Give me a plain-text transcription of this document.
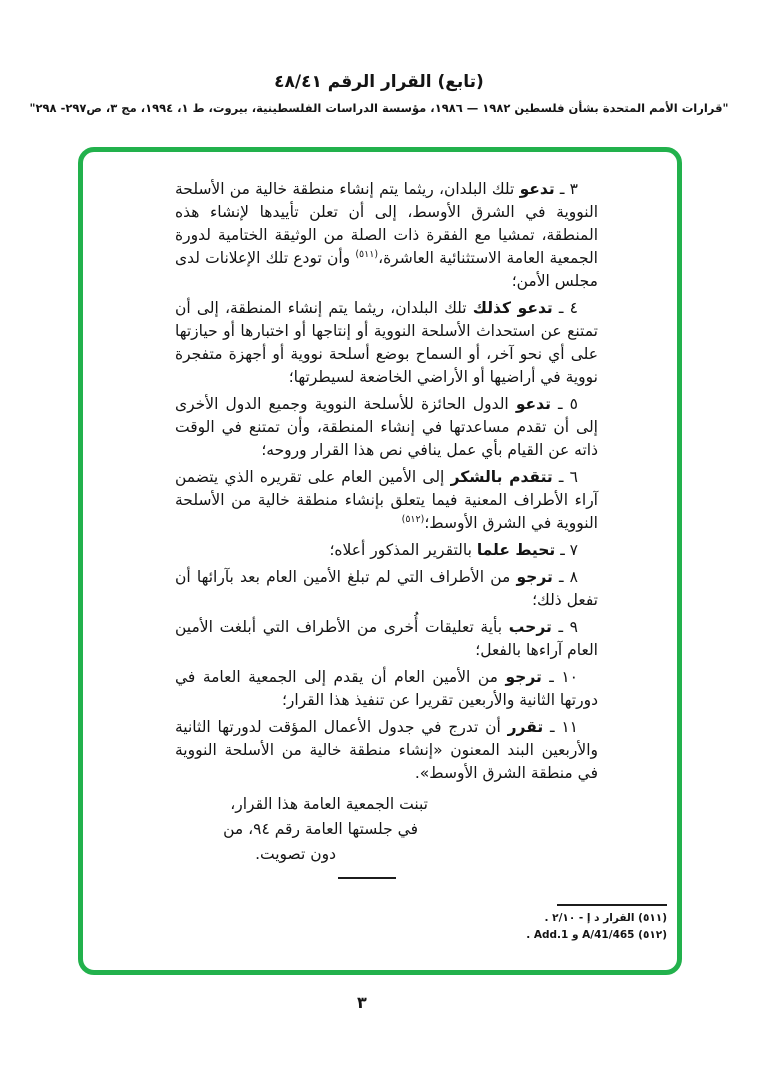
(تابع) القرار الرقم ٤٨/٤١
"قرارات الأمم المتحدة بشأن فلسطين ١٩٨٢ — ١٩٨٦، مؤسسة الدراسات الفلسطينية، بيروت، ط ١، ١٩٩٤، مج ٣، ص٢٩٧- ٢٩٨"

٣ ـ تدعو تلك البلدان، ريثما يتم إنشاء منطقة خالية من الأسلحة النووية في الشرق الأوسط، إلى أن تعلن تأييدها لإنشاء هذه المنطقة، تمشيا مع الفقرة ذات الصلة من الوثيقة الختامية لدورة الجمعية العامة الاستثنائية العاشرة،$^{(٥١١)}$ وأن تودع تلك الإعلانات لدى مجلس الأمن؛

٤ ـ تدعو كذلك تلك البلدان، ريثما يتم إنشاء المنطقة، إلى أن تمتنع عن استحداث الأسلحة النووية أو إنتاجها أو اختبارها أو حيازتها على أي نحو آخر، أو السماح بوضع أسلحة نووية أو أجهزة متفجرة نووية في أراضيها أو الأراضي الخاضعة لسيطرتها؛

٥ ـ تدعو الدول الحائزة للأسلحة النووية وجميع الدول الأخرى إلى أن تقدم مساعدتها في إنشاء المنطقة، وأن تمتنع في الوقت ذاته عن القيام بأي عمل ينافي نص هذا القرار وروحه؛

٦ ـ تتقدم بالشكر إلى الأمين العام على تقريره الذي يتضمن آراء الأطراف المعنية فيما يتعلق بإنشاء منطقة خالية من الأسلحة النووية في الشرق الأوسط؛$^{(٥١٢)}$

٧ ـ تحيط علما بالتقرير المذكور أعلاه؛

٨ ـ ترجو من الأطراف التي لم تبلغ الأمين العام بعد بآرائها أن تفعل ذلك؛

٩ ـ ترحب بأية تعليقات أُخرى من الأطراف التي أبلغت الأمين العام آراءها بالفعل؛

١٠ ـ ترجو من الأمين العام أن يقدم إلى الجمعية العامة في دورتها الثانية والأربعين تقريرا عن تنفيذ هذا القرار؛

١١ ـ تقرر أن تدرج في جدول الأعمال المؤقت لدورتها الثانية والأربعين البند المعنون «إنشاء منطقة خالية من الأسلحة النووية في منطقة الشرق الأوسط».

تبنت الجمعية العامة هذا القرار،
في جلستها العامة رقم ٩٤، من
دون تصويت.
(٥١١) القرار د إ - ٢/١٠ .
(٥١٢) A/41/465 و Add.1 .
٣
